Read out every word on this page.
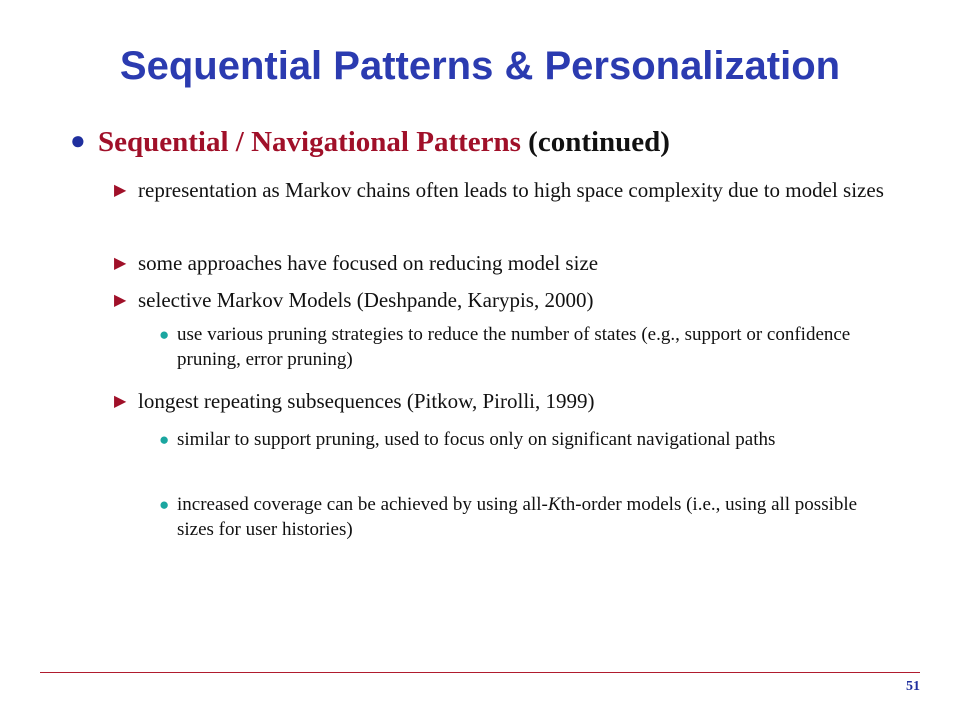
Sequential Patterns & Personalization
● Sequential / Navigational Patterns (continued)
▶ representation as Markov chains often leads to high space complexity due to model sizes
▶ some approaches have focused on reducing model size
▶ selective Markov Models (Deshpande, Karypis, 2000)
● use various pruning strategies to reduce the number of states (e.g., support or confidence pruning, error pruning)
▶ longest repeating subsequences (Pitkow, Pirolli, 1999)
● similar to support pruning, used to focus only on significant navigational paths
● increased coverage can be achieved by using all-Kth-order models (i.e., using all possible sizes for user histories)
51
